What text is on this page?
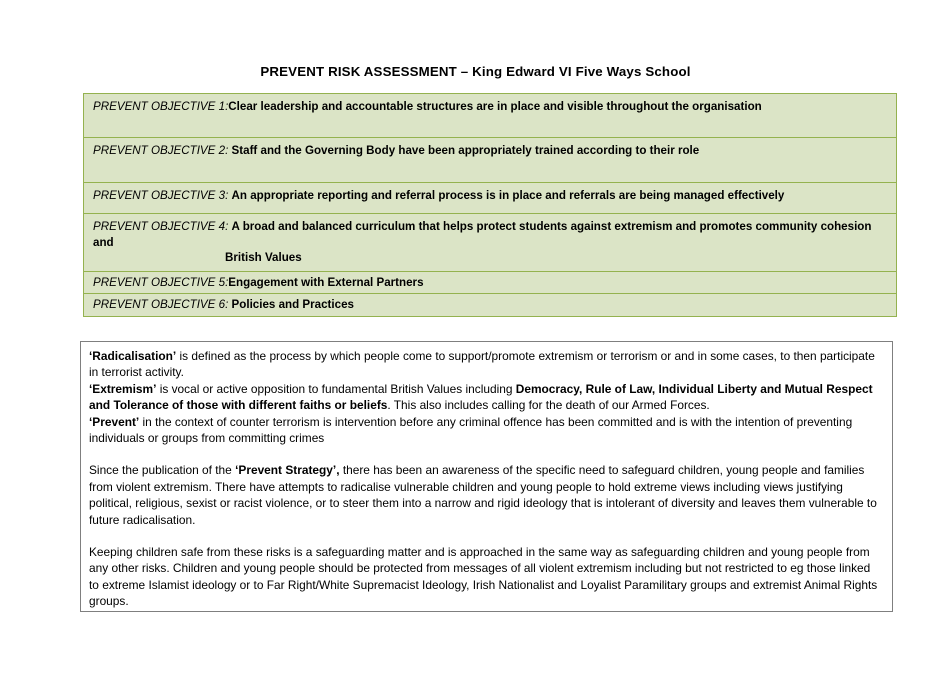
PREVENT RISK ASSESSMENT – King Edward VI Five Ways School
PREVENT OBJECTIVE 1:Clear leadership and accountable structures are in place and visible throughout the organisation
PREVENT OBJECTIVE 2: Staff and the Governing Body have been appropriately trained according to their role
PREVENT OBJECTIVE 3: An appropriate reporting and referral process is in place and referrals are being managed effectively
PREVENT OBJECTIVE 4: A broad and balanced curriculum that helps protect students against extremism and promotes community cohesion and
British Values

PREVENT OBJECTIVE 5:Engagement with External Partners
PREVENT OBJECTIVE 6: Policies and Practices

‘Radicalisation’ is defined as the process by which people come to support/promote extremism or terrorism or and in some cases, to then participate in terrorist activity.

‘Extremism’ is vocal or active opposition to fundamental British Values including Democracy, Rule of Law, Individual Liberty and Mutual Respect and Tolerance of those with different faiths or beliefs. This also includes calling for the death of our Armed Forces.

‘Prevent’ in the context of counter terrorism is intervention before any criminal offence has been committed and is with the intention of preventing individuals or groups from committing crimes

Since the publication of the ‘Prevent Strategy’, there has been an awareness of the specific need to safeguard children, young people and families from violent extremism. There have attempts to radicalise vulnerable children and young people to hold extreme views including views justifying political, religious, sexist or racist violence, or to steer them into a narrow and rigid ideology that is intolerant of diversity and leaves them vulnerable to future radicalisation.

Keeping children safe from these risks is a safeguarding matter and is approached in the same way as safeguarding children and young people from any other risks. Children and young people should be protected from messages of all violent extremism including but not restricted to eg those linked to extreme Islamist ideology or to Far Right/White Supremacist Ideology, Irish Nationalist and Loyalist Paramilitary groups and extremist Animal Rights groups.
